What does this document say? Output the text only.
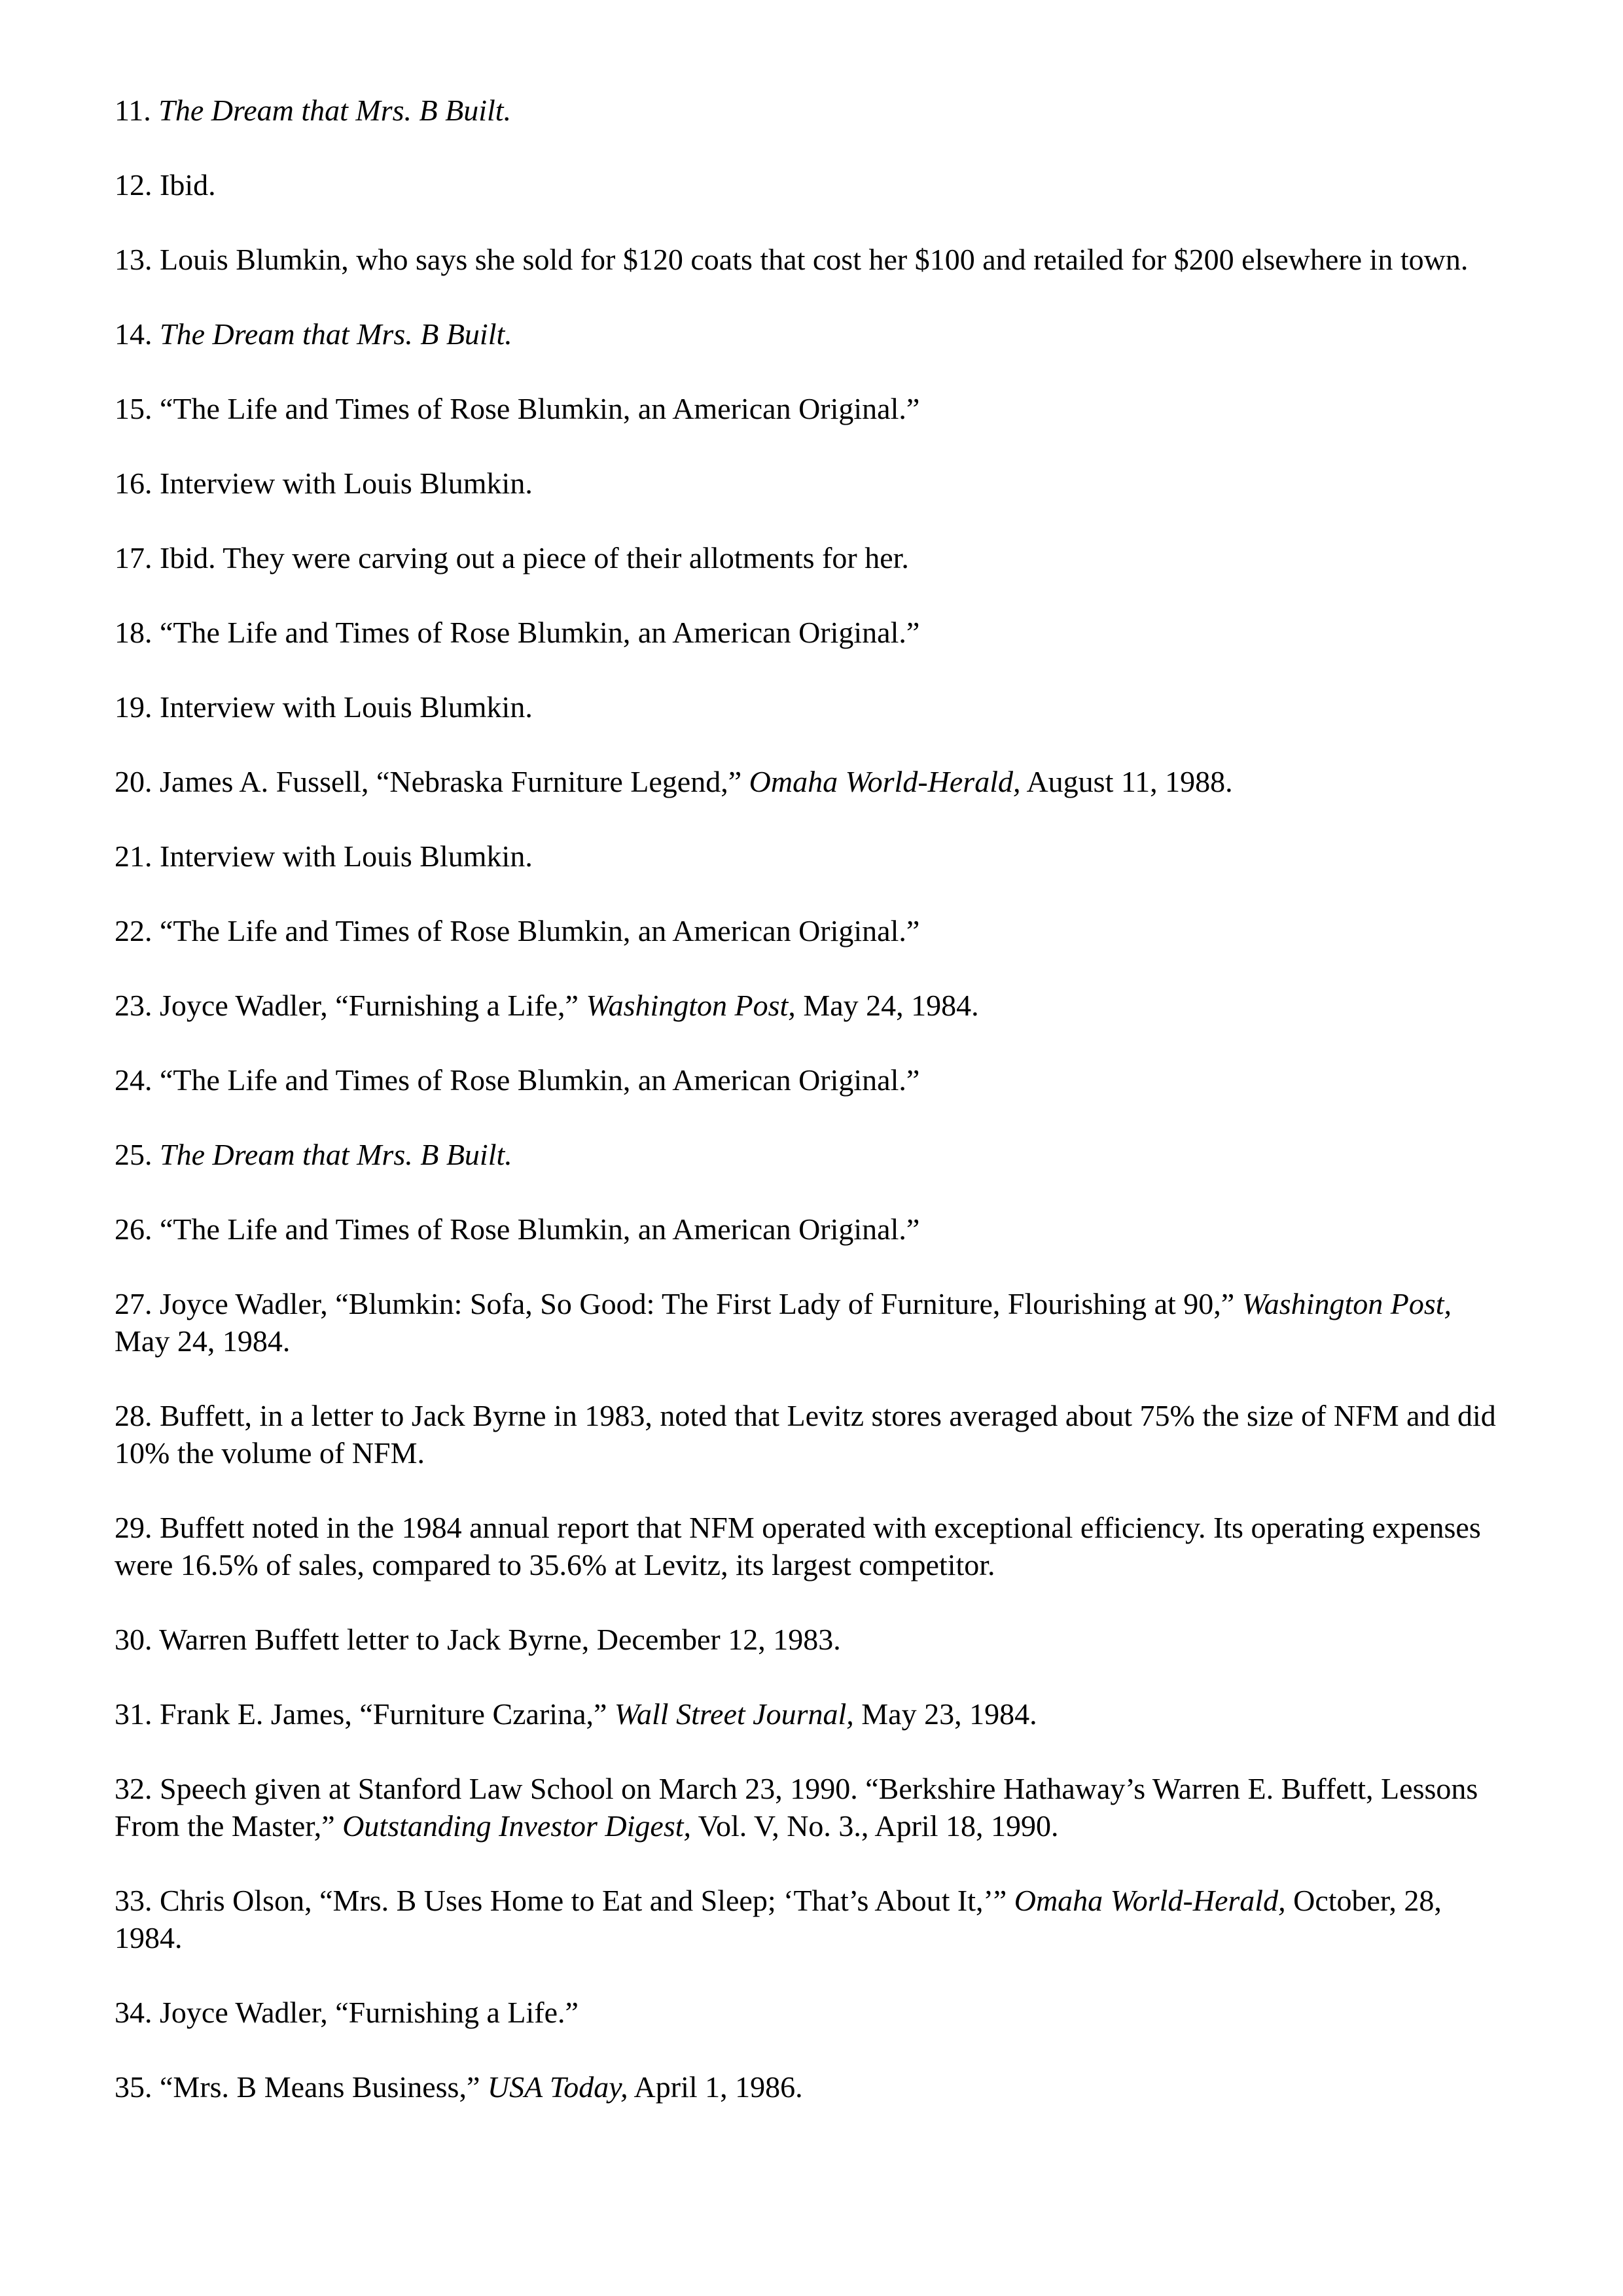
11. The Dream that Mrs. B Built.
12. Ibid.
13. Louis Blumkin, who says she sold for $120 coats that cost her $100 and retailed for $200 elsewhere in town.
14. The Dream that Mrs. B Built.
15. “The Life and Times of Rose Blumkin, an American Original.”
16. Interview with Louis Blumkin.
17. Ibid. They were carving out a piece of their allotments for her.
18. “The Life and Times of Rose Blumkin, an American Original.”
19. Interview with Louis Blumkin.
20. James A. Fussell, “Nebraska Furniture Legend,” Omaha World-Herald, August 11, 1988.
21. Interview with Louis Blumkin.
22. “The Life and Times of Rose Blumkin, an American Original.”
23. Joyce Wadler, “Furnishing a Life,” Washington Post, May 24, 1984.
24. “The Life and Times of Rose Blumkin, an American Original.”
25. The Dream that Mrs. B Built.
26. “The Life and Times of Rose Blumkin, an American Original.”
27. Joyce Wadler, “Blumkin: Sofa, So Good: The First Lady of Furniture, Flourishing at 90,” Washington Post, May 24, 1984.
28. Buffett, in a letter to Jack Byrne in 1983, noted that Levitz stores averaged about 75% the size of NFM and did 10% the volume of NFM.
29. Buffett noted in the 1984 annual report that NFM operated with exceptional efficiency. Its operating expenses were 16.5% of sales, compared to 35.6% at Levitz, its largest competitor.
30. Warren Buffett letter to Jack Byrne, December 12, 1983.
31. Frank E. James, “Furniture Czarina,” Wall Street Journal, May 23, 1984.
32. Speech given at Stanford Law School on March 23, 1990. “Berkshire Hathaway’s Warren E. Buffett, Lessons From the Master,” Outstanding Investor Digest, Vol. V, No. 3., April 18, 1990.
33. Chris Olson, “Mrs. B Uses Home to Eat and Sleep; ‘That’s About It,’” Omaha World-Herald, October, 28, 1984.
34. Joyce Wadler, “Furnishing a Life.”
35. “Mrs. B Means Business,” USA Today, April 1, 1986.
